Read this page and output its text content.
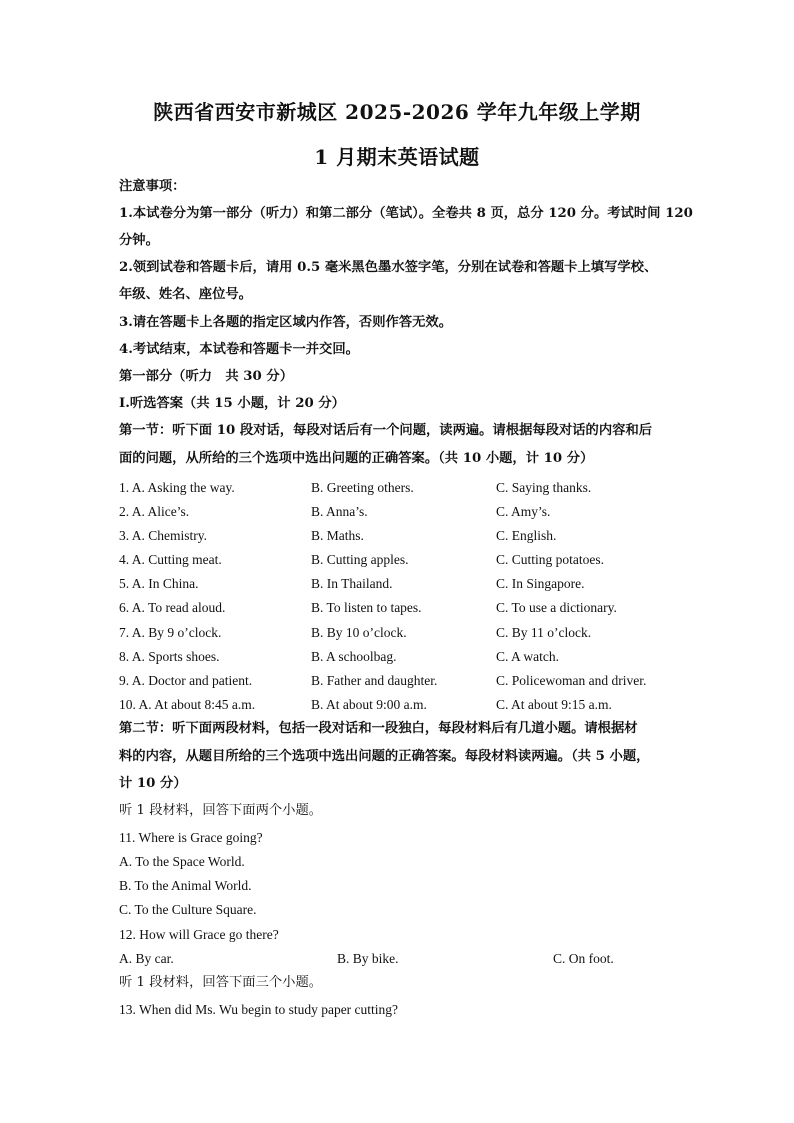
陕西省西安市新城区 2025-2026 学年九年级上学期
1 月期末英语试题
注意事项：
1.本试卷分为第一部分（听力）和第二部分（笔试）。全卷共 8 页，总分 120 分。考试时间 120
分钟。
2.领到试卷和答题卡后，请用 0.5 毫米黑色墨水签字笔，分别在试卷和答题卡上填写学校、
年级、姓名、座位号。
3.请在答题卡上各题的指定区域内作答，否则作答无效。
4.考试结束，本试卷和答题卡一并交回。
第一部分（听力　共 30 分）
Ⅰ.听选答案（共 15 小题，计 20 分）
第一节：听下面 10 段对话，每段对话后有一个问题，读两遍。请根据每段对话的内容和后
面的问题，从所给的三个选项中选出问题的正确答案。（共 10 小题，计 10 分）
1. A. Asking the way.	B. Greeting others.	C. Saying thanks.
2. A. Alice’s.	B. Anna’s.	C. Amy’s.
3. A. Chemistry.	B. Maths.	C. English.
4. A. Cutting meat.	B. Cutting apples.	C. Cutting potatoes.
5. A. In China.	B. In Thailand.	C. In Singapore.
6. A. To read aloud.	B. To listen to tapes.	C. To use a dictionary.
7. A. By 9 o’clock.	B. By 10 o’clock.	C. By 11 o’clock.
8. A. Sports shoes.	B. A schoolbag.	C. A watch.
9. A. Doctor and patient.	B. Father and daughter.	C. Policewoman and driver.
10. A. At about 8:45 a.m.	B. At about 9:00 a.m.	C. At about 9:15 a.m.
第二节：听下面两段材料，包括一段对话和一段独白，每段材料后有几道小题。请根据材
料的内容，从题目所给的三个选项中选出问题的正确答案。每段材料读两遍。（共 5 小题，
计 10 分）
听 1 段材料，回答下面两个小题。
11. Where is Grace going?
A. To the Space World.
B. To the Animal World.
C. To the Culture Square.
12. How will Grace go there?
A. By car.	B. By bike.	C. On foot.
听 1 段材料，回答下面三个小题。
13. When did Ms. Wu begin to study paper cutting?
